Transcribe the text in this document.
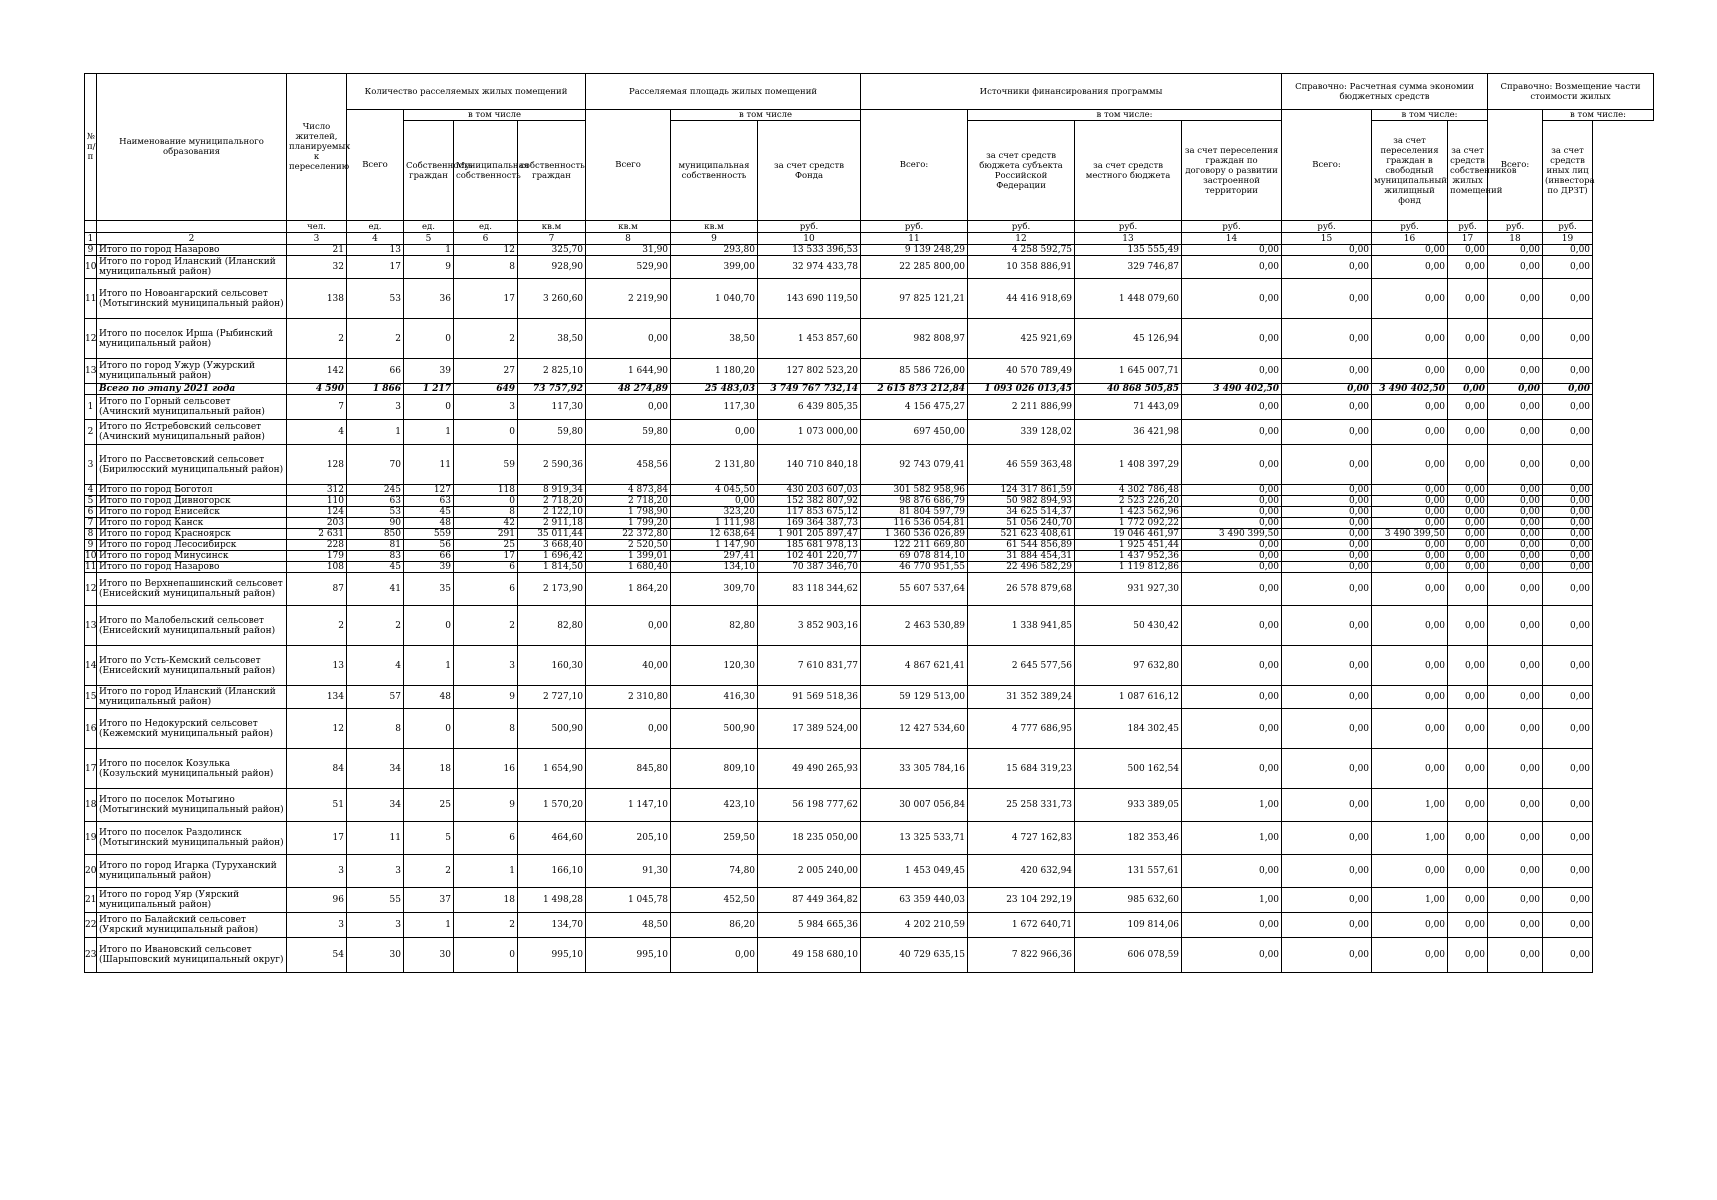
№ п/п	Наименование муниципального образования	Число жителей, планируемых к переселению	Количество расселяемых жилых помещений				Расселяемая площадь жилых помещений			Источники финансирования программы				Справочно: Расчетная сумма экономии бюджетных средств			Справочно: Возмещение части стоимости жилых	
			Всего	в том числе			Всего	в том числе		Всего:	в том числе:			Всего:	в том числе:		Всего:	в том числе:
				Собственность граждан	Муниципальная собственность	собственность граждан		муниципальная собственность	за счет средств Фонда		за счет средств бюджета субъекта Российской Федерации	за счет средств местного бюджета	за счет переселения граждан по договору о развитии застроенной территории		за счет переселения граждан в свободный муниципальный жилищный фонд	за счет средств собственников жилых помещений		за счет средств иных лиц (инвестора по ДРЗТ)
		чел.	ед.	ед.	ед.	кв.м	кв.м	кв.м	руб.	руб.	руб.	руб.	руб.	руб.	руб.	руб.	руб.	руб.
1	2	3	4	5	6	7	8	9	10	11	12	13	14	15	16	17	18	19
9	Итого по город Назарово	21	13	1	12	325,70	31,90	293,80	13 533 396,53	9 139 248,29	4 258 592,75	135 555,49	0,00	0,00	0,00	0,00	0,00	0,00
10	Итого по город Иланский (Иланский муниципальный район)	32	17	9	8	928,90	529,90	399,00	32 974 433,78	22 285 800,00	10 358 886,91	329 746,87	0,00	0,00	0,00	0,00	0,00	0,00
11	Итого по Новоангарский сельсовет (Мотыгинский муниципальный район)	138	53	36	17	3 260,60	2 219,90	1 040,70	143 690 119,50	97 825 121,21	44 416 918,69	1 448 079,60	0,00	0,00	0,00	0,00	0,00	0,00
12	Итого по поселок Ирша (Рыбинский муниципальный район)	2	2	0	2	38,50	0,00	38,50	1 453 857,60	982 808,97	425 921,69	45 126,94	0,00	0,00	0,00	0,00	0,00	0,00
13	Итого по город Ужур (Ужурский муниципальный район)	142	66	39	27	2 825,10	1 644,90	1 180,20	127 802 523,20	85 586 726,00	40 570 789,49	1 645 007,71	0,00	0,00	0,00	0,00	0,00	0,00
	Всего по этапу 2021 года	4 590	1 866	1 217	649	73 757,92	48 274,89	25 483,03	3 749 767 732,14	2 615 873 212,84	1 093 026 013,45	40 868 505,85	3 490 402,50	0,00	3 490 402,50	0,00	0,00	0,00
1	Итого по Горный сельсовет (Ачинский муниципальный район)	7	3	0	3	117,30	0,00	117,30	6 439 805,35	4 156 475,27	2 211 886,99	71 443,09	0,00	0,00	0,00	0,00	0,00	0,00
2	Итого по Ястребовский сельсовет (Ачинский муниципальный район)	4	1	1	0	59,80	59,80	0,00	1 073 000,00	697 450,00	339 128,02	36 421,98	0,00	0,00	0,00	0,00	0,00	0,00
3	Итого по Рассветовский сельсовет (Бирилюсский муниципальный район)	128	70	11	59	2 590,36	458,56	2 131,80	140 710 840,18	92 743 079,41	46 559 363,48	1 408 397,29	0,00	0,00	0,00	0,00	0,00	0,00
4	Итого по город Боготол	312	245	127	118	8 919,34	4 873,84	4 045,50	430 203 607,03	301 582 958,96	124 317 861,59	4 302 786,48	0,00	0,00	0,00	0,00	0,00	0,00
5	Итого по город Дивногорск	110	63	63	0	2 718,20	2 718,20	0,00	152 382 807,92	98 876 686,79	50 982 894,93	2 523 226,20	0,00	0,00	0,00	0,00	0,00	0,00
6	Итого по город Енисейск	124	53	45	8	2 122,10	1 798,90	323,20	117 853 675,12	81 804 597,79	34 625 514,37	1 423 562,96	0,00	0,00	0,00	0,00	0,00	0,00
7	Итого по город Канск	203	90	48	42	2 911,18	1 799,20	1 111,98	169 364 387,73	116 536 054,81	51 056 240,70	1 772 092,22	0,00	0,00	0,00	0,00	0,00	0,00
8	Итого по город Красноярск	2 631	850	559	291	35 011,44	22 372,80	12 638,64	1 901 205 897,47	1 360 536 026,89	521 623 408,61	19 046 461,97	3 490 399,50	0,00	3 490 399,50	0,00	0,00	0,00
9	Итого по город Лесосибирск	228	81	56	25	3 668,40	2 520,50	1 147,90	185 681 978,13	122 211 669,80	61 544 856,89	1 925 451,44	0,00	0,00	0,00	0,00	0,00	0,00
10	Итого по город Минусинск	179	83	66	17	1 696,42	1 399,01	297,41	102 401 220,77	69 078 814,10	31 884 454,31	1 437 952,36	0,00	0,00	0,00	0,00	0,00	0,00
11	Итого по город Назарово	108	45	39	6	1 814,50	1 680,40	134,10	70 387 346,70	46 770 951,55	22 496 582,29	1 119 812,86	0,00	0,00	0,00	0,00	0,00	0,00
12	Итого по Верхнепашинский сельсовет (Енисейский муниципальный район)	87	41	35	6	2 173,90	1 864,20	309,70	83 118 344,62	55 607 537,64	26 578 879,68	931 927,30	0,00	0,00	0,00	0,00	0,00	0,00
13	Итого по Малобельский сельсовет (Енисейский муниципальный район)	2	2	0	2	82,80	0,00	82,80	3 852 903,16	2 463 530,89	1 338 941,85	50 430,42	0,00	0,00	0,00	0,00	0,00	0,00
14	Итого по Усть-Кемский сельсовет (Енисейский муниципальный район)	13	4	1	3	160,30	40,00	120,30	7 610 831,77	4 867 621,41	2 645 577,56	97 632,80	0,00	0,00	0,00	0,00	0,00	0,00
15	Итого по город Иланский (Иланский муниципальный район)	134	57	48	9	2 727,10	2 310,80	416,30	91 569 518,36	59 129 513,00	31 352 389,24	1 087 616,12	0,00	0,00	0,00	0,00	0,00	0,00
16	Итого по Недокурский сельсовет (Кежемский муниципальный район)	12	8	0	8	500,90	0,00	500,90	17 389 524,00	12 427 534,60	4 777 686,95	184 302,45	0,00	0,00	0,00	0,00	0,00	0,00
17	Итого по поселок Козулька (Козульский муниципальный район)	84	34	18	16	1 654,90	845,80	809,10	49 490 265,93	33 305 784,16	15 684 319,23	500 162,54	0,00	0,00	0,00	0,00	0,00	0,00
18	Итого по поселок Мотыгино (Мотыгинский муниципальный район)	51	34	25	9	1 570,20	1 147,10	423,10	56 198 777,62	30 007 056,84	25 258 331,73	933 389,05	1,00	0,00	1,00	0,00	0,00	0,00
19	Итого по поселок Раздолинск (Мотыгинский муниципальный район)	17	11	5	6	464,60	205,10	259,50	18 235 050,00	13 325 533,71	4 727 162,83	182 353,46	1,00	0,00	1,00	0,00	0,00	0,00
20	Итого по город Игарка (Туруханский муниципальный район)	3	3	2	1	166,10	91,30	74,80	2 005 240,00	1 453 049,45	420 632,94	131 557,61	0,00	0,00	0,00	0,00	0,00	0,00
21	Итого по город Уяр (Уярский муниципальный район)	96	55	37	18	1 498,28	1 045,78	452,50	87 449 364,82	63 359 440,03	23 104 292,19	985 632,60	1,00	0,00	1,00	0,00	0,00	0,00
22	Итого по Балайский сельсовет (Уярский муниципальный район)	3	3	1	2	134,70	48,50	86,20	5 984 665,36	4 202 210,59	1 672 640,71	109 814,06	0,00	0,00	0,00	0,00	0,00	0,00
23	Итого по Ивановский сельсовет (Шарыповский муниципальный округ)	54	30	30	0	995,10	995,10	0,00	49 158 680,10	40 729 635,15	7 822 966,36	606 078,59	0,00	0,00	0,00	0,00	0,00	0,00
